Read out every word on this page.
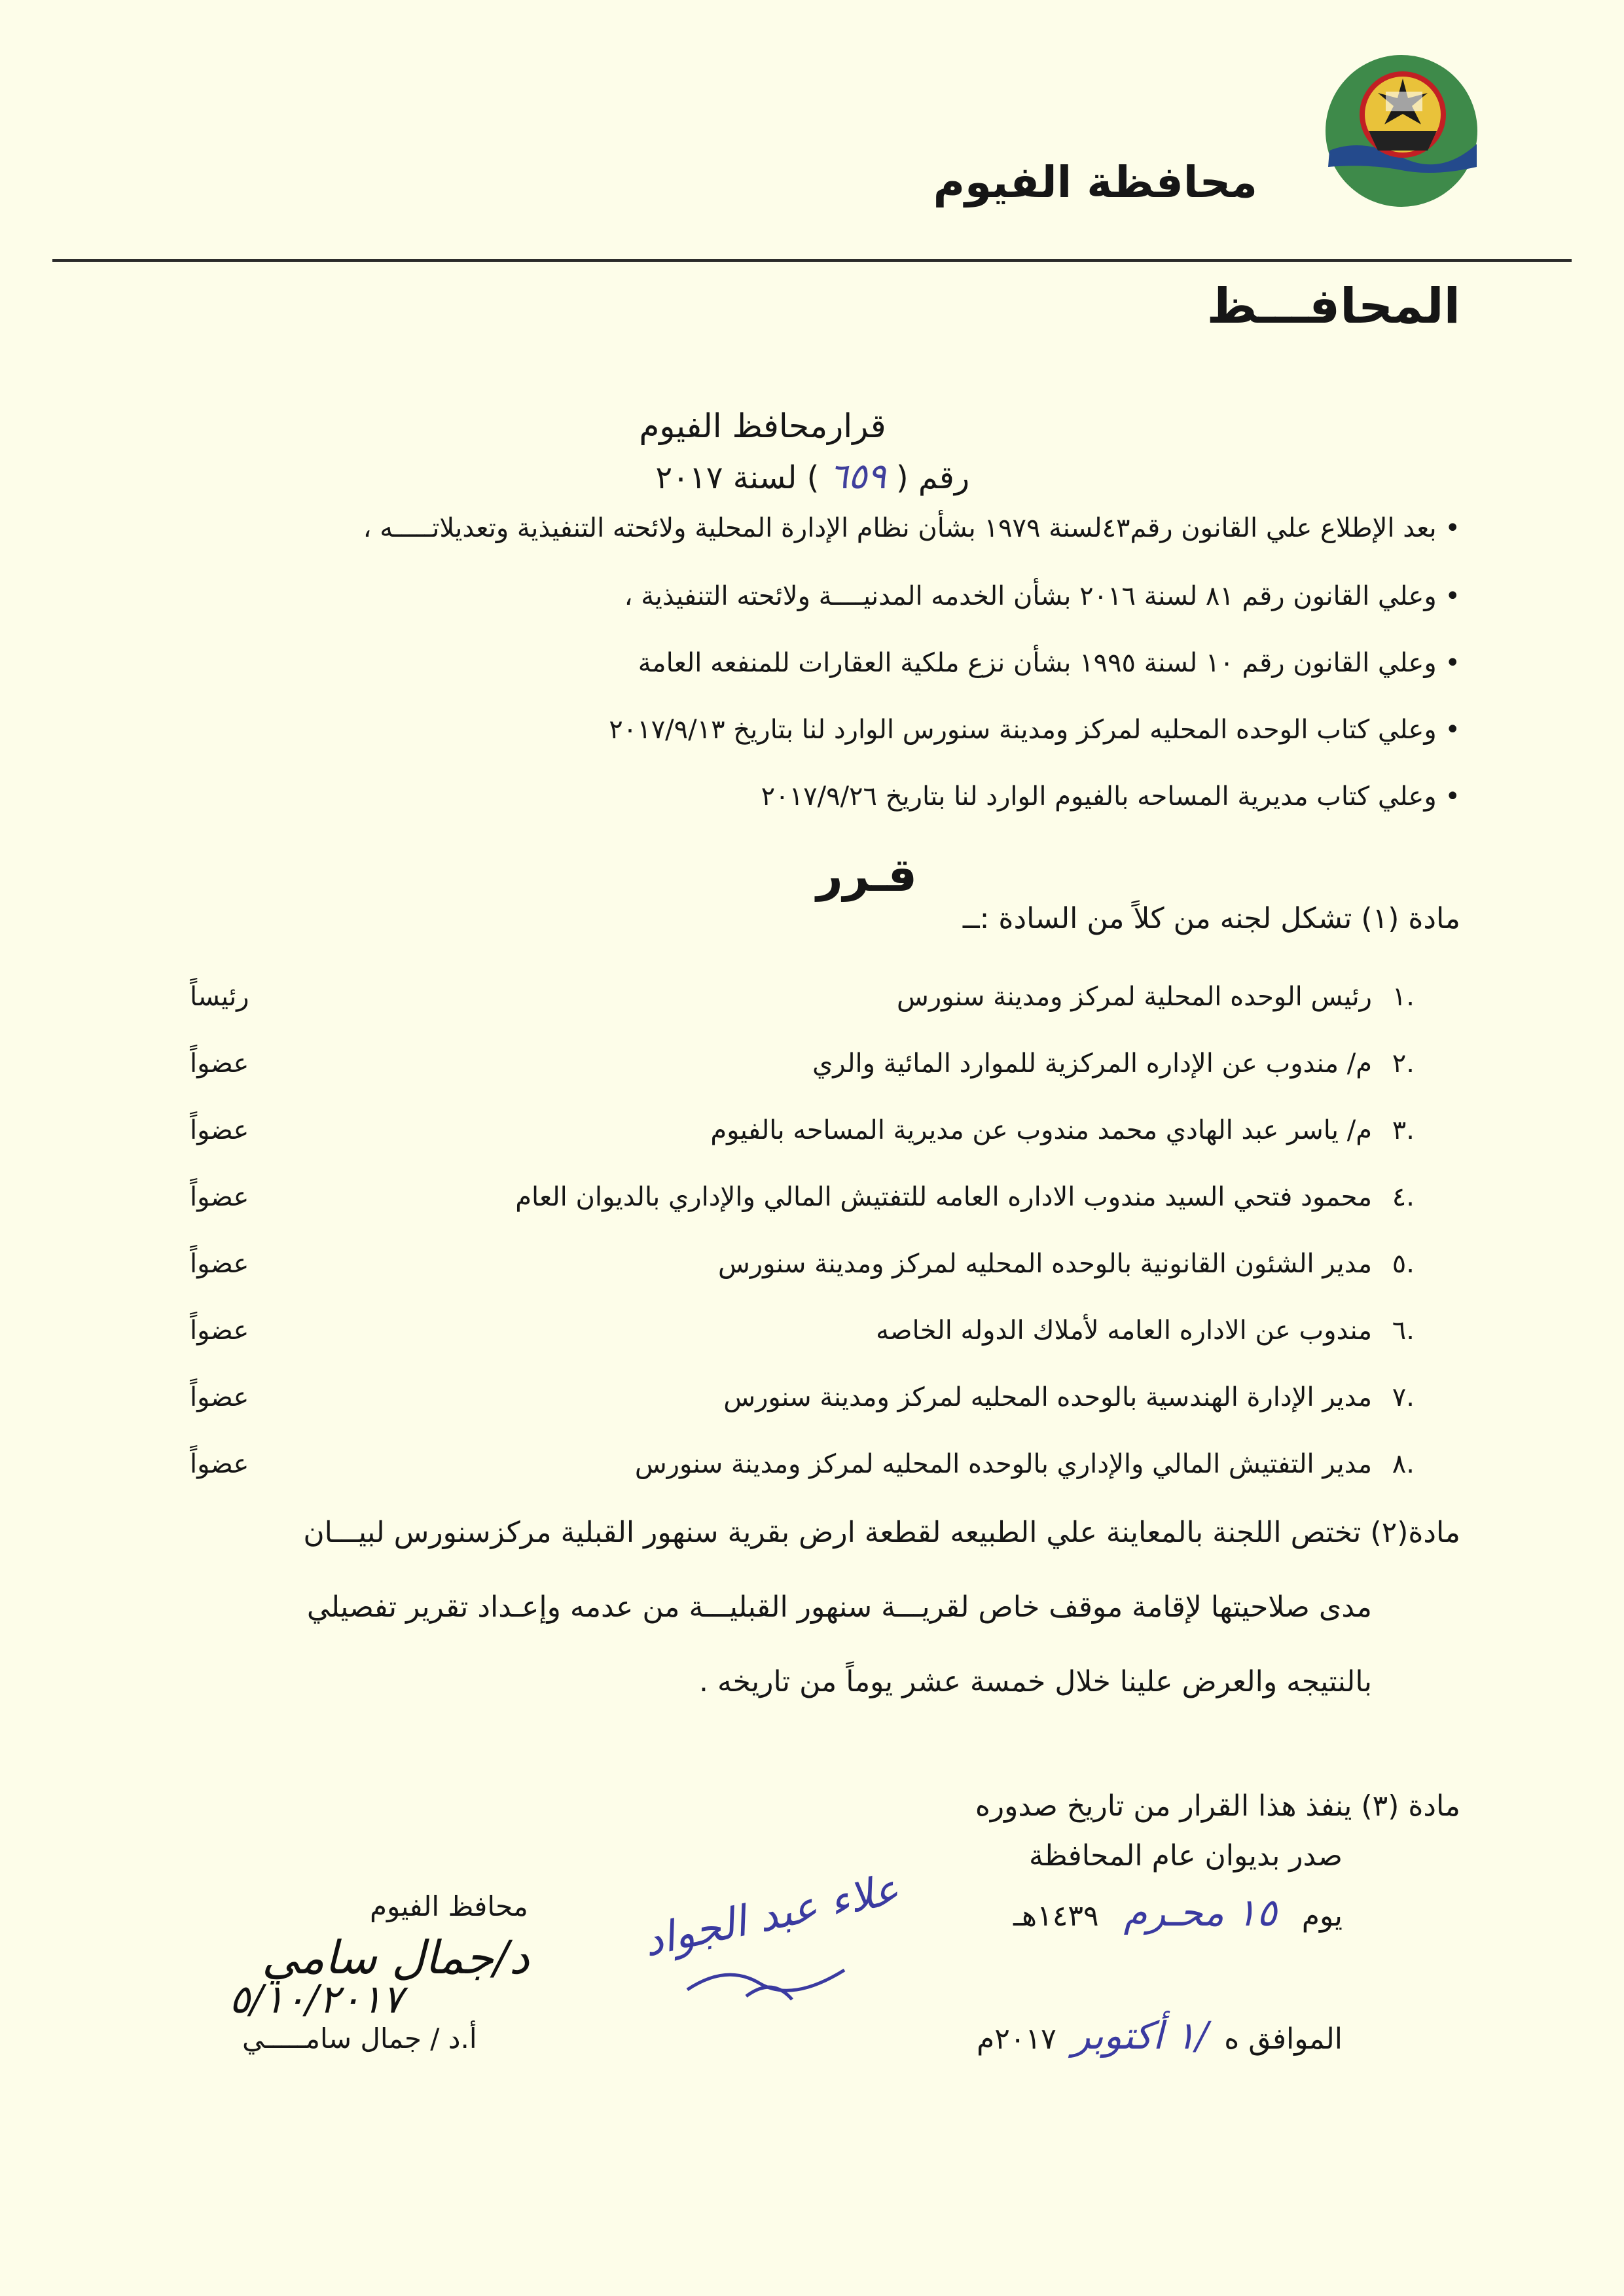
محافظة الفيوم
المحافـــظ
قرارمحافظ الفيوم
رقم ( ٦٥٩ ) لسنة ٢٠١٧
• بعد الإطلاع علي القانون رقم٤٣لسنة ١٩٧٩ بشأن نظام الإدارة المحلية ولائحته التنفيذية وتعديلاتـــــه ،
• وعلي القانون رقم ٨١ لسنة ٢٠١٦ بشأن الخدمه المدنيــــة ولائحته التنفيذية ،
• وعلي القانون رقم ١٠ لسنة ١٩٩٥ بشأن نزع ملكية العقارات للمنفعه العامة
• وعلي كتاب الوحده المحليه لمركز ومدينة سنورس الوارد لنا بتاريخ ٢٠١٧/٩/١٣
• وعلي كتاب مديرية المساحه بالفيوم الوارد لنا بتاريخ ٢٠١٧/٩/٢٦
قـرر
مادة (١) تشكل لجنه من كلاً من السادة :ــ
.١
رئيس الوحده المحلية لمركز ومدينة سنورس
رئيساً
.٢
م/ مندوب عن الإداره المركزية للموارد المائية والري
عضواً
.٣
م/ ياسر عبد الهادي محمد مندوب عن مديرية المساحه بالفيوم
عضواً
.٤
محمود فتحي السيد مندوب الاداره العامه للتفتيش المالي والإداري بالديوان العام
عضواً
.٥
مدير الشئون القانونية بالوحده المحليه لمركز ومدينة سنورس
عضواً
.٦
مندوب عن الاداره العامه لأملاك الدوله الخاصه
عضواً
.٧
مدير الإدارة الهندسية بالوحده المحليه لمركز ومدينة سنورس
عضواً
.٨
مدير التفتيش المالي والإداري بالوحده المحليه لمركز ومدينة سنورس
عضواً
مادة(٢) تختص اللجنة بالمعاينة علي الطبيعه لقطعة ارض بقرية سنهور القبلية مركزسنورس لبيـــان
مدى صلاحيتها لإقامة موقف خاص لقريـــة سنهور القبليـــة من عدمه وإعـداد تقرير تفصيلي
بالنتيجه والعرض علينا خلال خمسة عشر يوماً من تاريخه .
مادة (٣) ينفذ هذا القرار من تاريخ صدوره
صدر بديوان عام المحافظة
يوم ١٥ محـرم ١٤٣٩هـ
الموافق ه /١ أكتوبر ٢٠١٧م
علاء عبد الجواد
محافظ الفيوم
د/جمال سامي
٥/١٠/٢٠١٧
أ.د / جمال سامـــــي
